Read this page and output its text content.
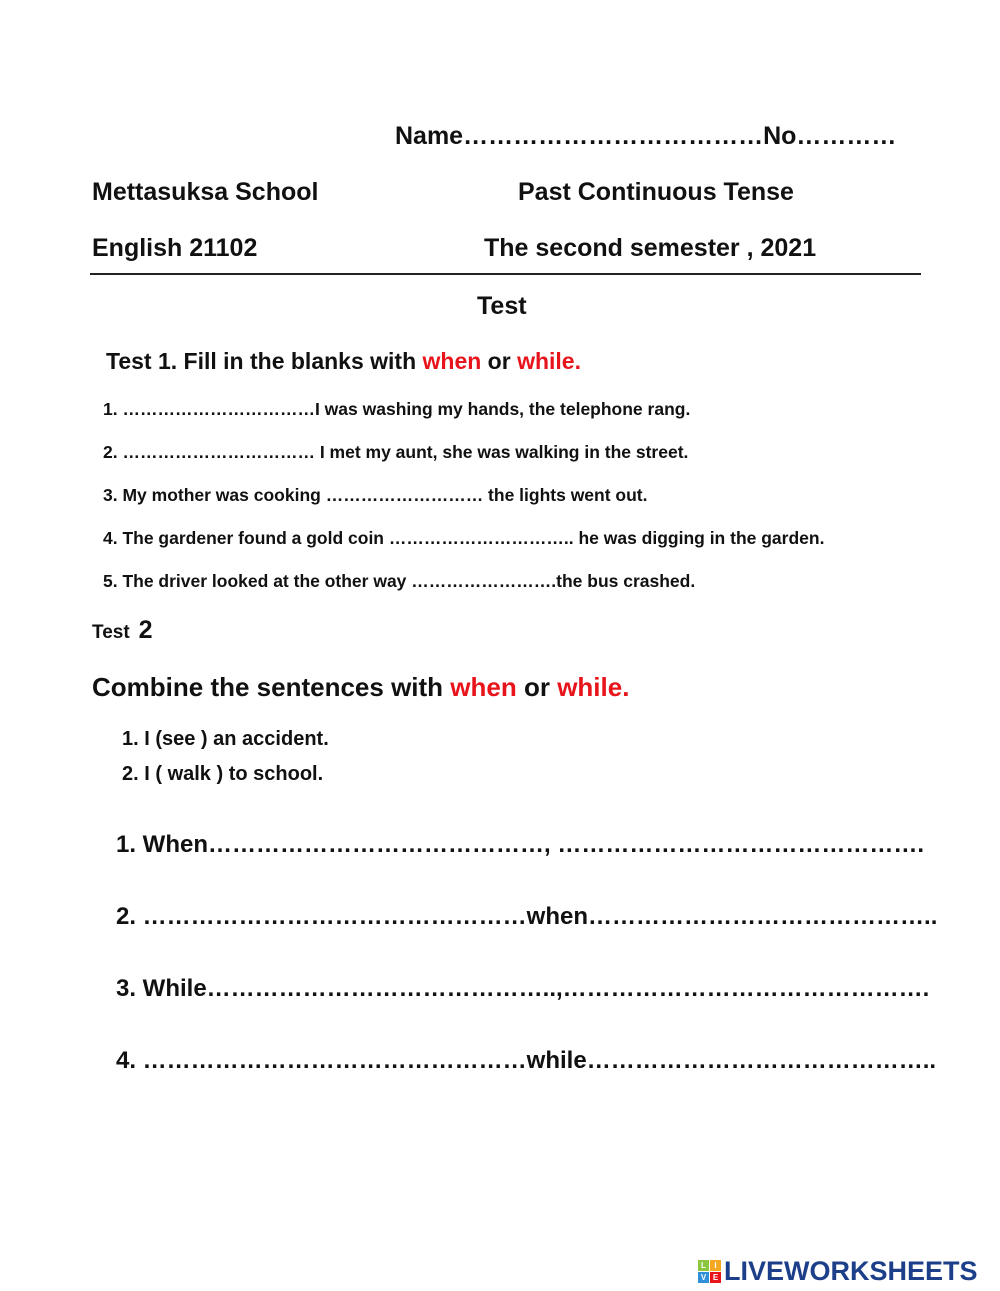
Name………………………………No…………
Mettasuksa School	Past Continuous Tense
English 21102	The second semester , 2021
Test
Test 1. Fill in the blanks with when or while.
1. ……………………………I was washing my hands, the telephone rang.
2. …………………………… I met my aunt, she was walking in the street.
3. My mother was cooking ……………………… the lights went out.
4. The gardener found a gold coin ………………………….. he was digging in the garden.
5. The driver looked at the other way …………………….the bus crashed.
Test 2
Combine the sentences with when or while.
1. I (see ) an accident.
2. I ( walk ) to school.
1. When……………………………………, ……………………………………….
2. …………………………………………when……………………………………..
3. While……………………………………..,……………………………………….
4. …………………………………………while……………………………………..
L	I
V E LIVEWORKSHEETS
